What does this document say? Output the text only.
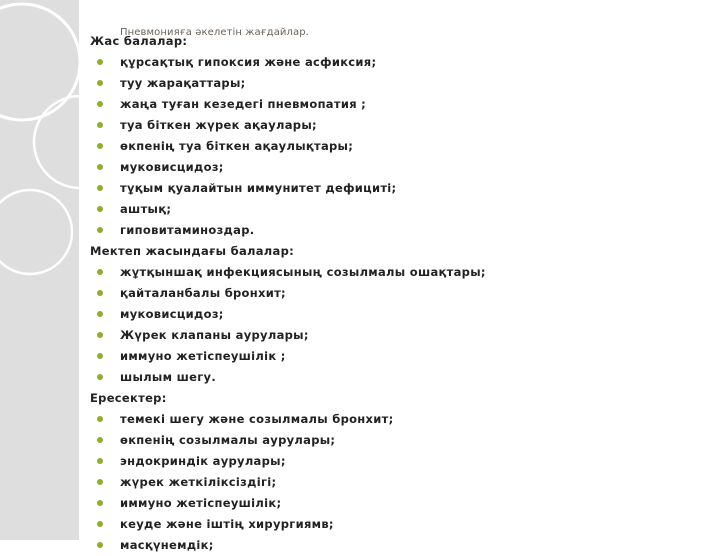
Пневмонияға әкелетін жағдайлар.
Жас балалар:
құрсақтық гипоксия және асфиксия;
туу жарақаттары;
жаңа туған кезедегі пневмопатия ;
туа біткен жүрек ақаулары;
өкпенің туа біткен ақаулықтары;
муковисцидоз;
тұқым қуалайтын иммунитет дефициті;
аштық;
гиповитаминоздар.
Мектеп жасындағы балалар:
жұтқыншақ инфекциясының созылмалы ошақтары;
қайталанбалы бронхит;
муковисцидоз;
Жүрек клапаны аурулары;
иммуно жетіспеушілік ;
шылым шегу.
Ересектер:
темекі шегу және созылмалы бронхит;
өкпенің созылмалы аурулары;
эндокриндік аурулары;
жүрек жеткіліксіздігі;
иммуно жетіспеушілік;
кеуде және іштің хирургиямв;
масқүнемдік;
